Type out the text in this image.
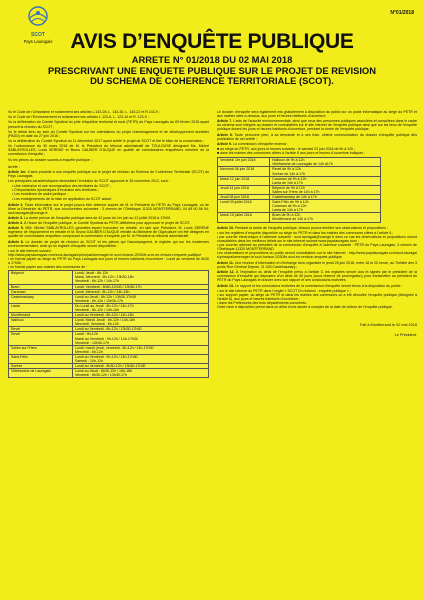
SCOT
Pays Lauragais
N°01/2018
AVIS D’ENQUÊTE PUBLIQUE
ARRETE N° 01/2018 DU 02 MAI 2018
PRESCRIVANT UNE ENQUETE PUBLIQUE SUR LE PROJET DE REVISION DU SCHEMA DE COHERENCE TERRITORIALE (SCOT).

Vu le Code de l’Urbanisme et notamment ses articles L.143-28, L. 143-30, L. 143-22 et R.143-9 ;

Vu le Code de l’Environnement et notamment ses articles L.123-6, L. 123-10 et R. 123-9 ;

Vu la délibération du Comité Syndical du pôle d’équilibre territorial et rural (PETR) du Pays Lauragais du 09 février 2015 ayant prescrit la révision du SCOT ;

Vu le débat tenu au sein du Comité Syndical sur les orientations du projet d’aménagement et de développement durables (PADD) en date du 27 juin 2016 ;

Vu la délibération du Comité Syndical du 11 décembre 2017 ayant arrêté le projet de SCOT et tiré le bilan de la concertation ;

Vu l’ordonnance du 30 mars 2018 de M. le Président du tribunal administratif de TOULOUSE désignant Ms. Michel SABLAYROLLES, Louis SERENE et Bruno GALIBER D’AUQUE en qualité de commissaires enquêteurs membre de la commission d’enquête ;

Vu les pièces du dossier soumis à enquête publique ;

Arrête :

Article 1er. Il sera procédé à une enquête publique sur le projet de révision du Schéma de Cohérence Territoriale (SCOT) du Pays Lauragais.

Les principales caractéristiques nécessitant l’évolution du SCOT approuvé le 26 novembre 2012, sont :

• Une extension et une recomposition des territoires du SCOT ;
• D’importantes dynamiques d’évolution des territoires ;
• Les évolutions de cadre juridique ;
• Les enseignements de la mise en application du SCOT actuel.

Article 2. Toute information sur le projet pourra être obtenue auprès de M. le Président du PETR du Pays Lauragais, ou de Mme la Directrice du PETR, aux coordonnées suivantes : 3 chemin de l’Obélisque 11320 MONTFERRAND, 04 68 60 56 54, scot.lauragais@orange.fr

Article 3. La durée prévue de l’enquête publique sera de 42 jours du 1er juin au 12 juillet 2018 à 17h00.

Article 4. À l’issue de l’enquête publique, le Comité Syndical du PETR délibèrera pour approuver le projet de SCOT.

Article 5. MM. Michel SABLAYROLLES géomètre-expert honoraire en retraite, en tant que Président, M. Louis SERENE ingénieur de l’équipement en retraite et M. Bruno GALIBER D’AUQUE retraité du Ministère de l’Agriculture ont été désignés en qualité de commissaire-enquêteur composant la commission d’enquête par M. le Président du tribunal administratif.

Article 6. Le dossier de projet de révision du SCOT et les pièces qui l’accompagnent, le registre qui sur les incidences environnementales, ainsi qu’un registre d’enquête seront disponibles :

• sur le site internet suivant :
http://www.payslauragais.com/scot-lauragais/principal/amenager-le-scot-horizon-2030/le-scot-en-revision-enquete-publique
• en format papier au siège du PETR du Pays Lauragais aux jours et heures habituels d’ouverture : Lundi au vendredi de 8h30 à 17h30 ;
• en format papier aux mairies des communes de :
Belpech	Lundi, Jeudi : 8h-12h
Mardi, Mercredi : 8h-12h / 13h30-18h
Vendredi : 8h-12h / 14h-17h
Bram	Lundi, Vendredi : 8h30-12h30 / 13h30-17h
Caraman	Lundi, Mercredi : 8h-12h / 14h-18h
Castelnaudary	Lundi au Jeudi : 8h-12h / 13h30-17h30
Vendredi : 8h-12h / 13h30-17h
Lanta	Du Lundi au Jeudi : 8h-12h / 14h-17h
Vendredi : 8h-12h / 14h-16h
Montferrand	Lundi au Vendredi : 8h-12h / 14h-18h
Nailloux	Lundi, Mardi, Jeudi : 8h-12h / 14h-18h
Mercredi, Vendredi : 8h-12h
Revel	Lundi au Vendredi : 8h-12h / 13h30-17h30
Revel	Lundi : 9h-12h
Mardi au Vendredi : 9h-12h / 14h-17h30
Vendredi : 13h30-17h
Salles sur l’Hers	Lundi, mardi, jeudi, vendredi : 8h-12h / 14h-17h30
Mercredi : 8h-12h
Saint-Félix	Lundi au Vendredi : 9h-12h / 14h-17h30
Samedi : 10h-12h
Sorèze	Lundi au Vendredi : 8h30-12h / 13h30-17h30
Villefranche de Lauragais	Lundi au Jeudi : 8h30-12h / 16h-18h
Vendredi : 8h30-12h / 13h30-17h

Le dossier d’enquête sera également mis gratuitement à disposition du public sur un poste informatique au siège du PETR et aux mairies sites ci-dessus, aux jours et heures habituels d’ouverture.

Article 7. L’avis de l’autorité environnementale, ainsi que ceux des personnes publiques associées et consultées dans le cadre du schéma sont intégrés au dossier et consultables sur le site internet de l’enquête publique ainsi que sur les lieux de l’enquête publique durant les jours et heures habituels d’ouverture, pendant la durée de l’enquête publique.

Article 8. Toute personne peut, à sa demande et à ses frais, obtenir communication du dossier d’enquête publique dès publication de cet arrêté ;

Article 9. La commission d’enquête recevra :

■ au siège du PETR, aux jours et heures suivants : le samedi 23 juin 2018 de 9h à 12h ;
■ dans les mairies des communes citées à l’article 6 aux jours et heures d’ouverture indiqués :
Vendredi 1er juin 2018	Nailloux de 9h à 12h
Villefranche de Lauragais de 14h à17h
Mercredi 06 juin 2018	Revel de 9h à 12h
Sorèze de 14h à 17h
Mardi 12 juin 2018	Caraman de 9h à 12h
Lanta de 14h à 17h
Jeudi 14 juin 2018	Belpech de 9h à 12h
Salles sur l’Hers de 14h à 17h
Jeudi 28 juin 2018	Castelnaudary de 14h à 17h
Lundi 09 juillet 2018	Saint-Félix de 9h à 12h
Caraman de 9h à 12h
Lanta de 14h à 17h
Mardi 10 juillet 2018	Bram de 9h à 12h
Montferrand de 14h à 17h

Article 10. Pendant la durée de l’enquête publique, chacun pourra émettre ses observations et propositions :

• sur les registres d’enquête disponible au siège du PETR et dans les mairies des communes citées à l’article 6 ;
• par courrier électronique à l’adresse suivante : scot.lauragais@orange.fr dans ce cas les observations et propositions seront consultables dans les meilleurs délais sur le site internet suivant www.payslauragais.com ;
• par courrier adressé au président de la commission d’enquête à l’adresse suivante : PETR du Pays Lauragais, 3 chemin de l’Obélisque 11320 MONTFERRAND.
Les observations et propositions du public seront consultables sur le site internet : http://www.payslauragais.com/scot-lauragais/principal/amenager-le-scot-horizon-2030/le-scot-en-revision-enquete-publique

Article 11. Une réunion d’information et d’échange sera organisée le jeudi 28 juin 2018, entre 18 et 20 heure, au Théâtre des 3 ponts Rue Général Dejean, 11 400 Castelnaudary ;

Article 12. À l’expiration du délai de l’enquête prévu à l’article 3, les registres seront clos et signés par le président de la commission d’enquête qui disposera d’un délai de 30 jours (sous réserve de prolongation) pour transmettre au président du PETR du Pays Lauragais le dossier avec son rapport et ses conclusions motivées.

Article 13. Le rapport et les conclusions motivées de la commission d’enquête seront tenus à la disposition du public :

• sur le site internet du PETR dans l’onglet « SCOT En révision : enquête publique » ;
• sur support papier, au siège du PETR et dans les mairies des communes où a été déroulée l’enquête publique (désignée à l’article 6), aux jours et heures habituels d’ouverture ;
• dans les Préfectures des trois départements concernés.
Cette mise à disposition prend dans un délai d’une année à compter de la date de clôture de l’enquête publique.
Fait à Montferrand le 02 mai 2018
Le Président,
